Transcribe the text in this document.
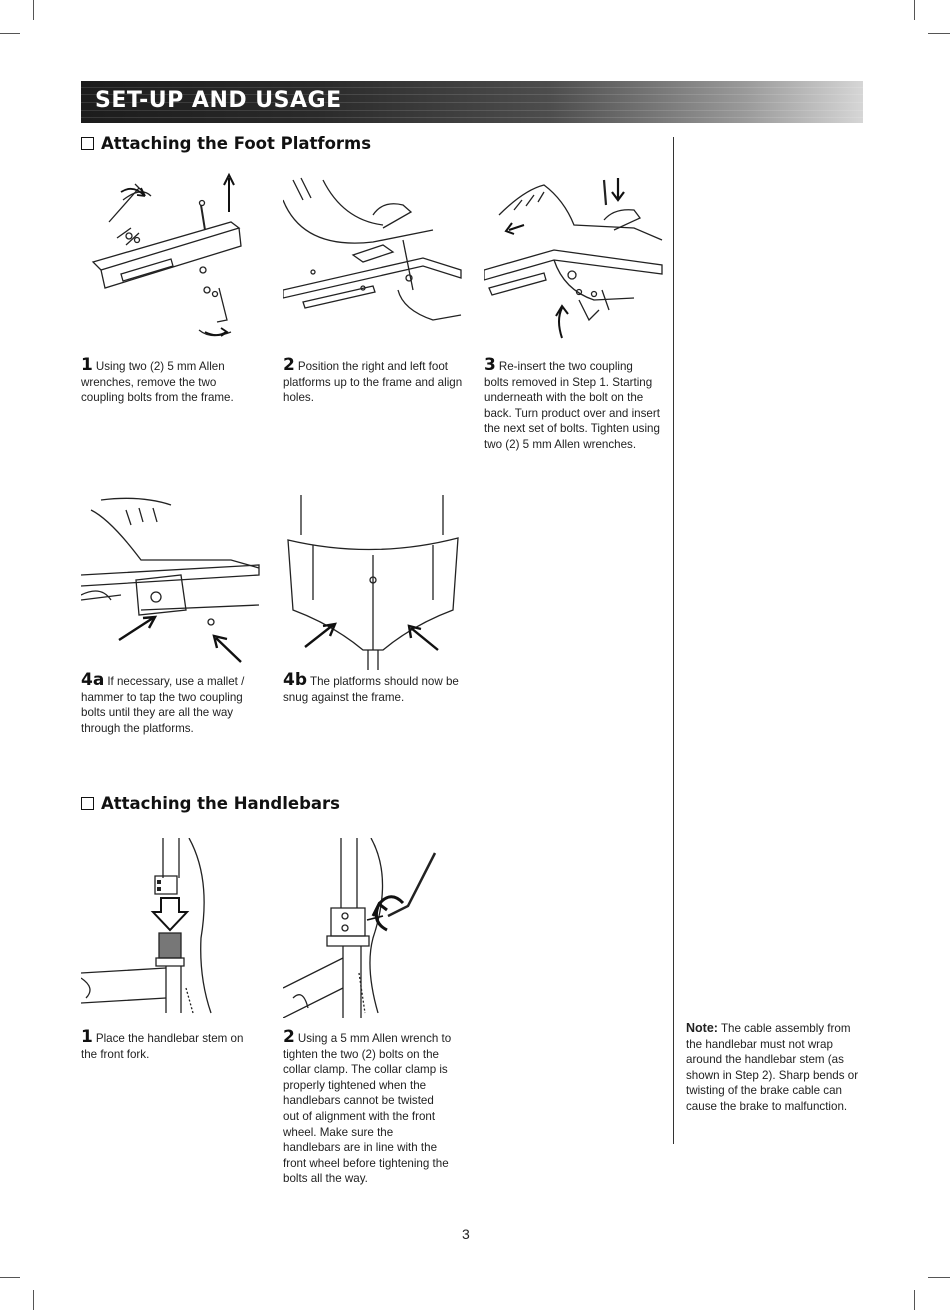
SET-UP AND USAGE
Attaching the Foot Platforms
Attaching the Handlebars
1 Using two (2) 5 mm Allen wrenches, remove the two coupling bolts from the frame.
2 Position the right and left foot platforms up to the frame and align holes.
3 Re-insert the two coupling bolts removed in Step 1. Starting underneath with the bolt on the back. Turn product over and insert the next set of bolts. Tighten using two (2) 5 mm Allen wrenches.
4a If necessary, use a mallet / hammer to tap the two coupling bolts until they are all the way through the platforms.
4b The platforms should now be snug against the frame.
1 Place the handlebar stem on the front fork.
2 Using a 5 mm Allen wrench to tighten the two (2) bolts on the collar clamp. The collar clamp is properly tightened when the handlebars cannot be twisted out of alignment with the front wheel. Make sure the handlebars are in line with the front wheel before tightening the bolts all the way.
Note: The cable assembly from the handlebar must not wrap around the handlebar stem (as shown in Step 2). Sharp bends or twisting of the brake cable can cause the brake to malfunction.
3
